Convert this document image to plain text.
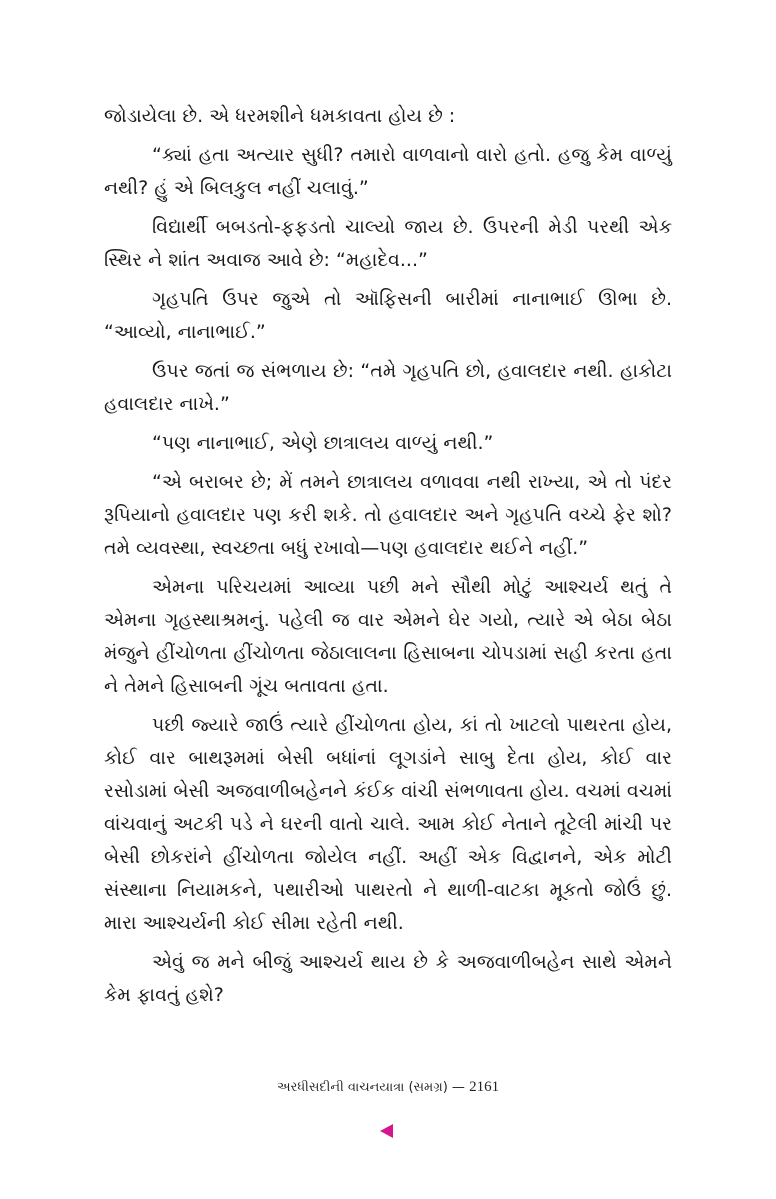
જોડાયેલા છે. એ ધરમશીને ધમકાવતા હોય છે :

“ક્યાં હતા અત્યાર સુધી? તમારો વાળવાનો વારો હતો. હજુ કેમ વાળ્યું નથી? હું એ બિલકુલ નહીં ચલાવું.”

વિદ્યાર્થી બબડતો-ફફડતો ચાલ્યો જાય છે. ઉપરની મેડી પરથી એક સ્થિર ને શાંત અવાજ આવે છે: “મહાદેવ...”

ગૃહપતિ ઉપર જુએ તો ઑફિસની બારીમાં નાનાભાઈ ઊભા છે. “આવ્યો, નાનાભાઈ.”

ઉપર જતાં જ સંભળાય છે: “તમે ગૃહપતિ છો, હવાલદાર નથી. હાકોટા હવાલદાર નાખે.”

“પણ નાનાભાઈ, એણે છાત્રાલય વાળ્યું નથી.”

“એ બરાબર છે; મેં તમને છાત્રાલય વળાવવા નથી રાખ્યા, એ તો પંદર રૂપિયાનો હવાલદાર પણ કરી શકે. તો હવાલદાર અને ગૃહપતિ વચ્ચે ફેર શો? તમે વ્યવસ્થા, સ્વચ્છતા બધું રખાવો—પણ હવાલદાર થઈને નહીં.”

એમના પરિચયમાં આવ્યા પછી મને સૌથી મોટું આશ્ચર્ય થતું તે એમના ગૃહસ્થાશ્રમનું. પહેલી જ વાર એમને ઘેર ગયો, ત્યારે એ બેઠા બેઠા મંજુને હીંચોળતા હીંચોળતા જેઠાલાલના હિસાબના ચોપડામાં સહી કરતા હતા ને તેમને હિસાબની ગૂંચ બતાવતા હતા.

પછી જ્યારે જાઉં ત્યારે હીંચોળતા હોય, કાં તો ખાટલો પાથરતા હોય, કોઈ વાર બાથરૂમમાં બેસી બધાંનાં લૂગડાંને સાબુ દેતા હોય, કોઈ વાર રસોડામાં બેસી અજવાળીબહેનને કંઈક વાંચી સંભળાવતા હોય. વચમાં વચમાં વાંચવાનું અટકી પડે ને ઘરની વાતો ચાલે. આમ કોઈ નેતાને તૂટેલી માંચી પર બેસી છોકરાંને હીંચોળતા જોયેલ નહીં. અહીં એક વિદ્વાનને, એક મોટી સંસ્થાના નિયામકને, પથારીઓ પાથરતો ને થાળી-વાટકા મૂકતો જોઉં છું. મારા આશ્ચર્યની કોઈ સીમા રહેતી નથી.

એવું જ મને બીજું આશ્ચર્ય થાય છે કે અજવાળીબહેન સાથે એમને કેમ ફાવતું હશે?

અરધીસદીની વાચનયાત્રા (સમગ્ર) — 2161
